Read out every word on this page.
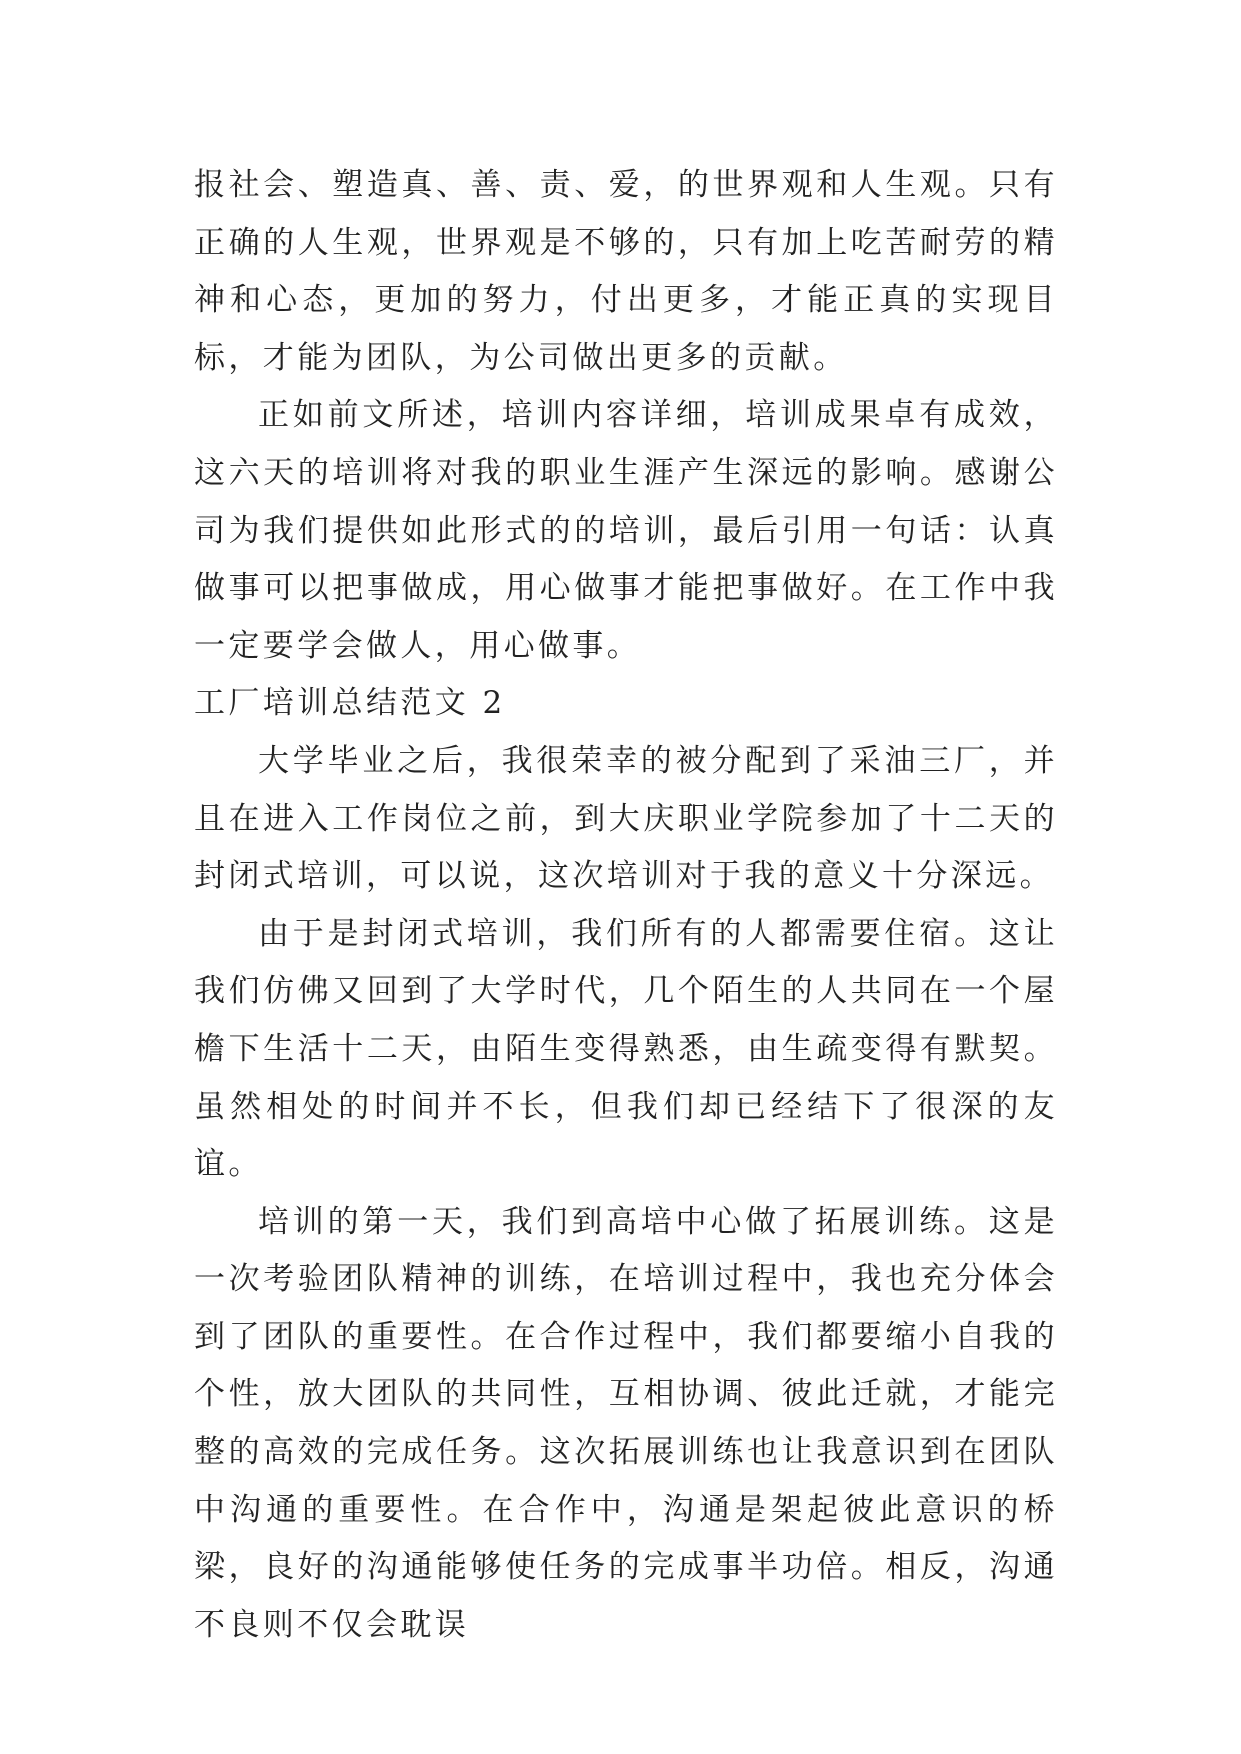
报社会、塑造真、善、责、爱，的世界观和人生观。只有正确的人生观，世界观是不够的，只有加上吃苦耐劳的精神和心态，更加的努力，付出更多，才能正真的实现目标，才能为团队，为公司做出更多的贡献。

正如前文所述，培训内容详细，培训成果卓有成效，这六天的培训将对我的职业生涯产生深远的影响。感谢公司为我们提供如此形式的的培训，最后引用一句话：认真做事可以把事做成，用心做事才能把事做好。在工作中我一定要学会做人，用心做事。

工厂培训总结范文 2

大学毕业之后，我很荣幸的被分配到了采油三厂，并且在进入工作岗位之前，到大庆职业学院参加了十二天的封闭式培训，可以说，这次培训对于我的意义十分深远。

由于是封闭式培训，我们所有的人都需要住宿。这让我们仿佛又回到了大学时代，几个陌生的人共同在一个屋檐下生活十二天，由陌生变得熟悉，由生疏变得有默契。虽然相处的时间并不长，但我们却已经结下了很深的友谊。

培训的第一天，我们到高培中心做了拓展训练。这是一次考验团队精神的训练，在培训过程中，我也充分体会到了团队的重要性。在合作过程中，我们都要缩小自我的个性，放大团队的共同性，互相协调、彼此迁就，才能完整的高效的完成任务。这次拓展训练也让我意识到在团队中沟通的重要性。在合作中，沟通是架起彼此意识的桥梁，良好的沟通能够使任务的完成事半功倍。相反，沟通不良则不仅会耽误
